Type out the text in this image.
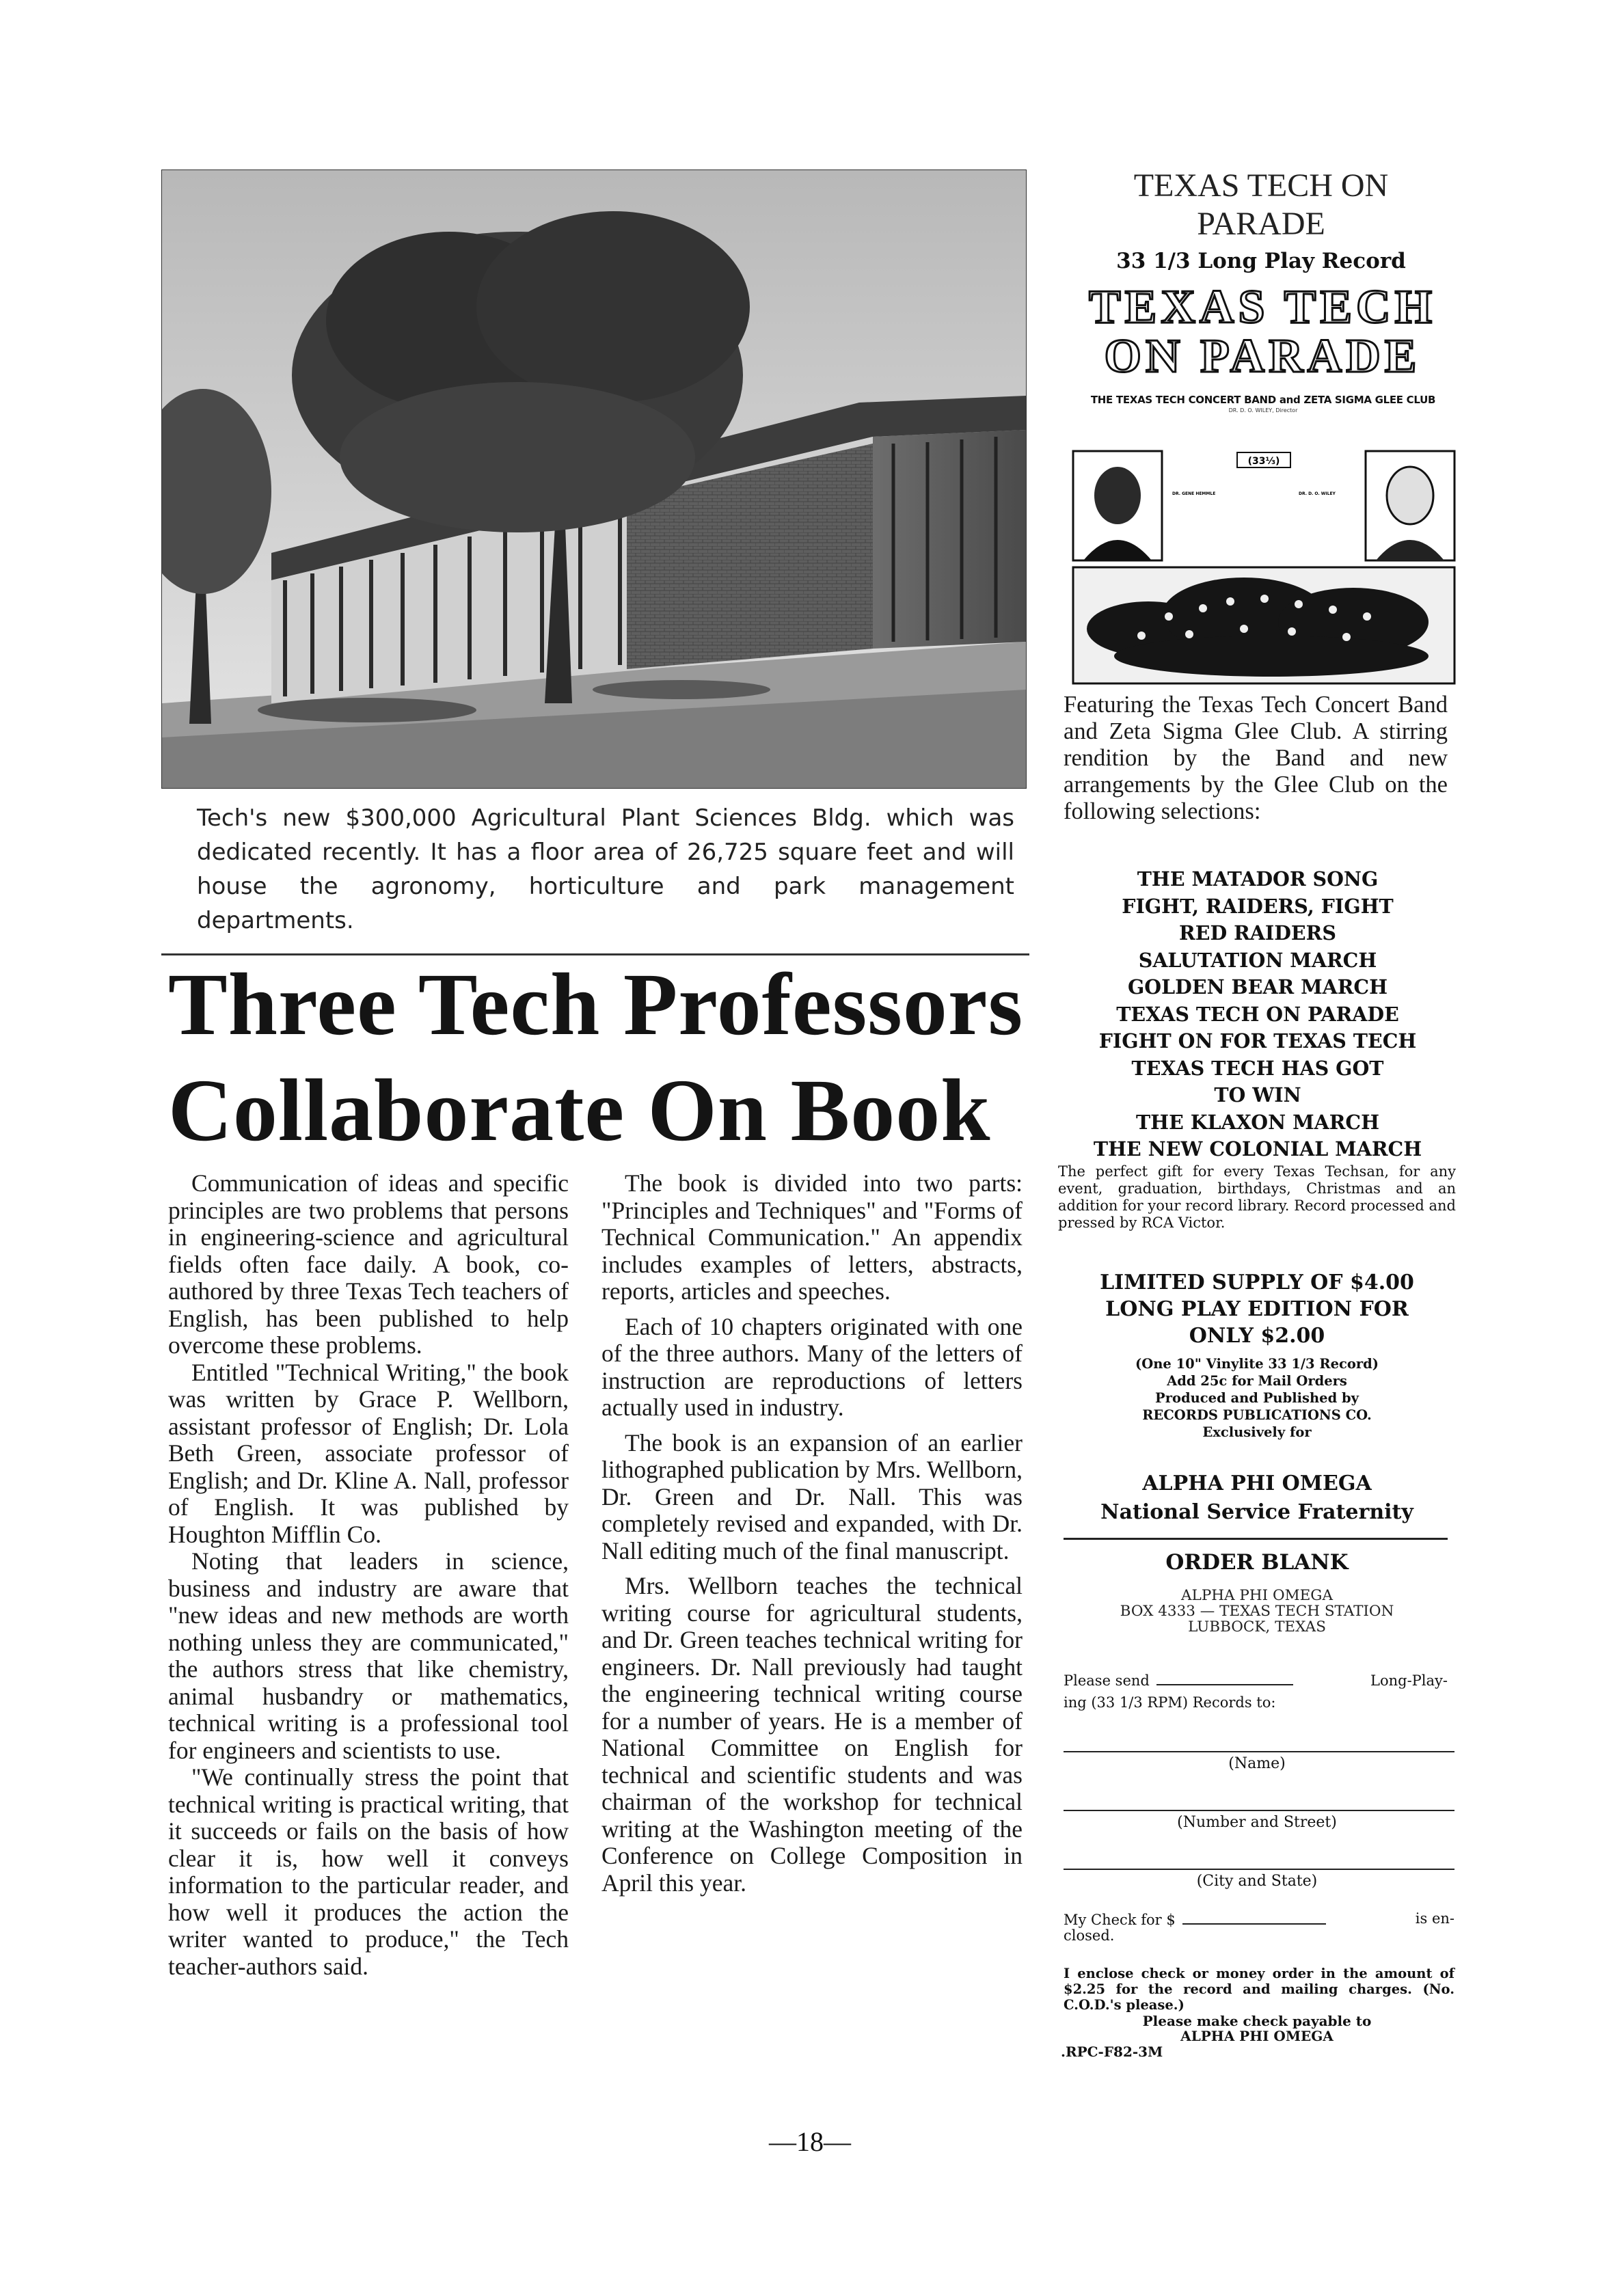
Tech's new $300,000 Agricultural Plant Sciences Bldg. which was dedicated recently. It has a floor area of 26,725 square feet and will house the agronomy, horticulture and park management departments.
Three Tech Professors
Collaborate On Book

Communication of ideas and specific principles are two problems that persons in engineering-science and agricultural fields often face daily. A book, co-authored by three Texas Tech teachers of English, has been published to help overcome these problems.

Entitled "Technical Writing," the book was written by Grace P. Wellborn, assistant professor of English; Dr. Lola Beth Green, associate professor of English; and Dr. Kline A. Nall, professor of English. It was published by Houghton Mifflin Co.

Noting that leaders in science, business and industry are aware that "new ideas and new methods are worth nothing unless they are communicated," the authors stress that like chemistry, animal husbandry or mathematics, technical writing is a professional tool for engineers and scientists to use.

"We continually stress the point that technical writing is practical writing, that it succeeds or fails on the basis of how clear it is, how well it conveys information to the particular reader, and how well it produces the action the writer wanted to produce," the Tech teacher-authors said.

The book is divided into two parts: "Principles and Techniques" and "Forms of Technical Communication." An appendix includes examples of letters, abstracts, reports, articles and speeches.

Each of 10 chapters originated with one of the three authors. Many of the letters of instruction are reproductions of letters actually used in industry.

The book is an expansion of an earlier lithographed publication by Mrs. Wellborn, Dr. Green and Dr. Nall. This was completely revised and expanded, with Dr. Nall editing much of the final manuscript.

Mrs. Wellborn teaches the technical writing course for agricultural students, and Dr. Green teaches technical writing for engineers. Dr. Nall previously had taught the engineering technical writing course for a number of years. He is a member of National Committee on English for technical and scientific students and was chairman of the workshop for technical writing at the Washington meeting of the Conference on College Composition in April this year.

—18—
TEXAS TECH ON PARADE
33 1/3 Long Play Record
TEXAS TECH
ON PARADE
THE TEXAS TECH CONCERT BAND and ZETA SIGMA GLEE CLUB
DR. D. O. WILEY, Director
(33⅓)
DR. GENE HEMMLE	DR. D. O. WILEY
Featuring the Texas Tech Concert Band and Zeta Sigma Glee Club. A stirring rendition by the Band and new arrangements by the Glee Club on the following selections:
THE MATADOR SONG
FIGHT, RAIDERS, FIGHT
RED RAIDERS
SALUTATION MARCH
GOLDEN BEAR MARCH
TEXAS TECH ON PARADE
FIGHT ON FOR TEXAS TECH
TEXAS TECH HAS GOT
TO WIN
THE KLAXON MARCH
THE NEW COLONIAL MARCH
The perfect gift for every Texas Techsan, for any event, graduation, birthdays, Christmas and an addition for your record library. Record processed and pressed by RCA Victor.
LIMITED SUPPLY OF $4.00
LONG PLAY EDITION FOR
ONLY $2.00
(One 10" Vinylite 33 1/3 Record)
Add 25c for Mail Orders
Produced and Published by
RECORDS PUBLICATIONS CO.
Exclusively for
ALPHA PHI OMEGA
National Service Fraternity
ORDER BLANK
ALPHA PHI OMEGA
BOX 4333 — TEXAS TECH STATION
LUBBOCK, TEXAS
Please send	Long-Play-
ing (33 1/3 RPM) Records to:
(Name)
(Number and Street)
(City and State)
My Check for $	is en-
closed.
I enclose check or money order in the amount of $2.25 for the record and mailing charges. (No. C.O.D.'s please.)
Please make check payable to
ALPHA PHI OMEGA
.RPC-F82-3M
